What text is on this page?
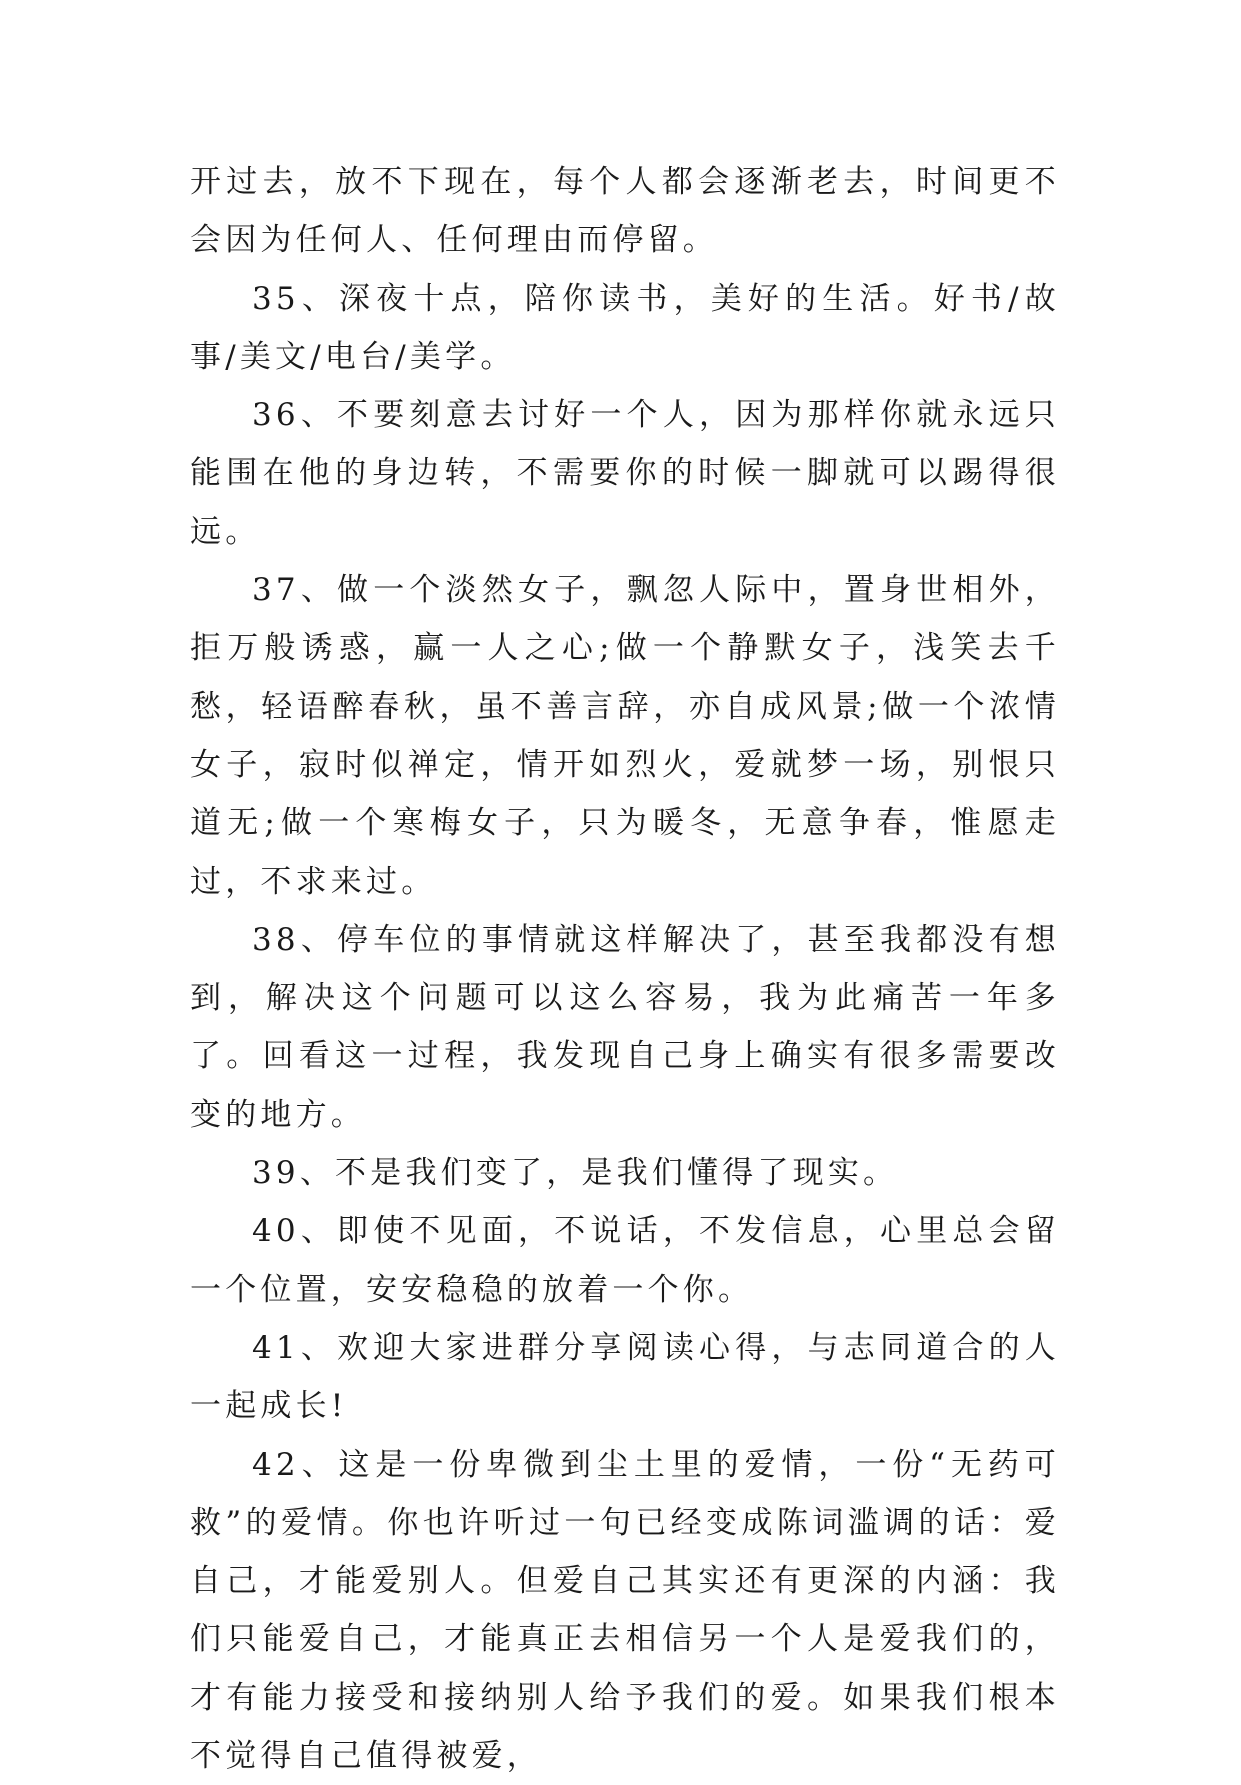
开过去，放不下现在，每个人都会逐渐老去，时间更不会因为任何人、任何理由而停留。

35、深夜十点，陪你读书，美好的生活。好书/故事/美文/电台/美学。

36、不要刻意去讨好一个人，因为那样你就永远只能围在他的身边转，不需要你的时候一脚就可以踢得很远。

37、做一个淡然女子，飘忽人际中，置身世相外，拒万般诱惑，赢一人之心;做一个静默女子，浅笑去千愁，轻语醉春秋，虽不善言辞，亦自成风景;做一个浓情女子，寂时似禅定，情开如烈火，爱就梦一场，别恨只道无;做一个寒梅女子，只为暖冬，无意争春，惟愿走过，不求来过。

38、停车位的事情就这样解决了，甚至我都没有想到，解决这个问题可以这么容易，我为此痛苦一年多了。回看这一过程，我发现自己身上确实有很多需要改变的地方。

39、不是我们变了，是我们懂得了现实。

40、即使不见面，不说话，不发信息，心里总会留一个位置，安安稳稳的放着一个你。

41、欢迎大家进群分享阅读心得，与志同道合的人一起成长!

42、这是一份卑微到尘土里的爱情，一份“无药可救”的爱情。你也许听过一句已经变成陈词滥调的话：爱自己，才能爱别人。但爱自己其实还有更深的内涵：我们只能爱自己，才能真正去相信另一个人是爱我们的，才有能力接受和接纳别人给予我们的爱。如果我们根本不觉得自己值得被爱，
